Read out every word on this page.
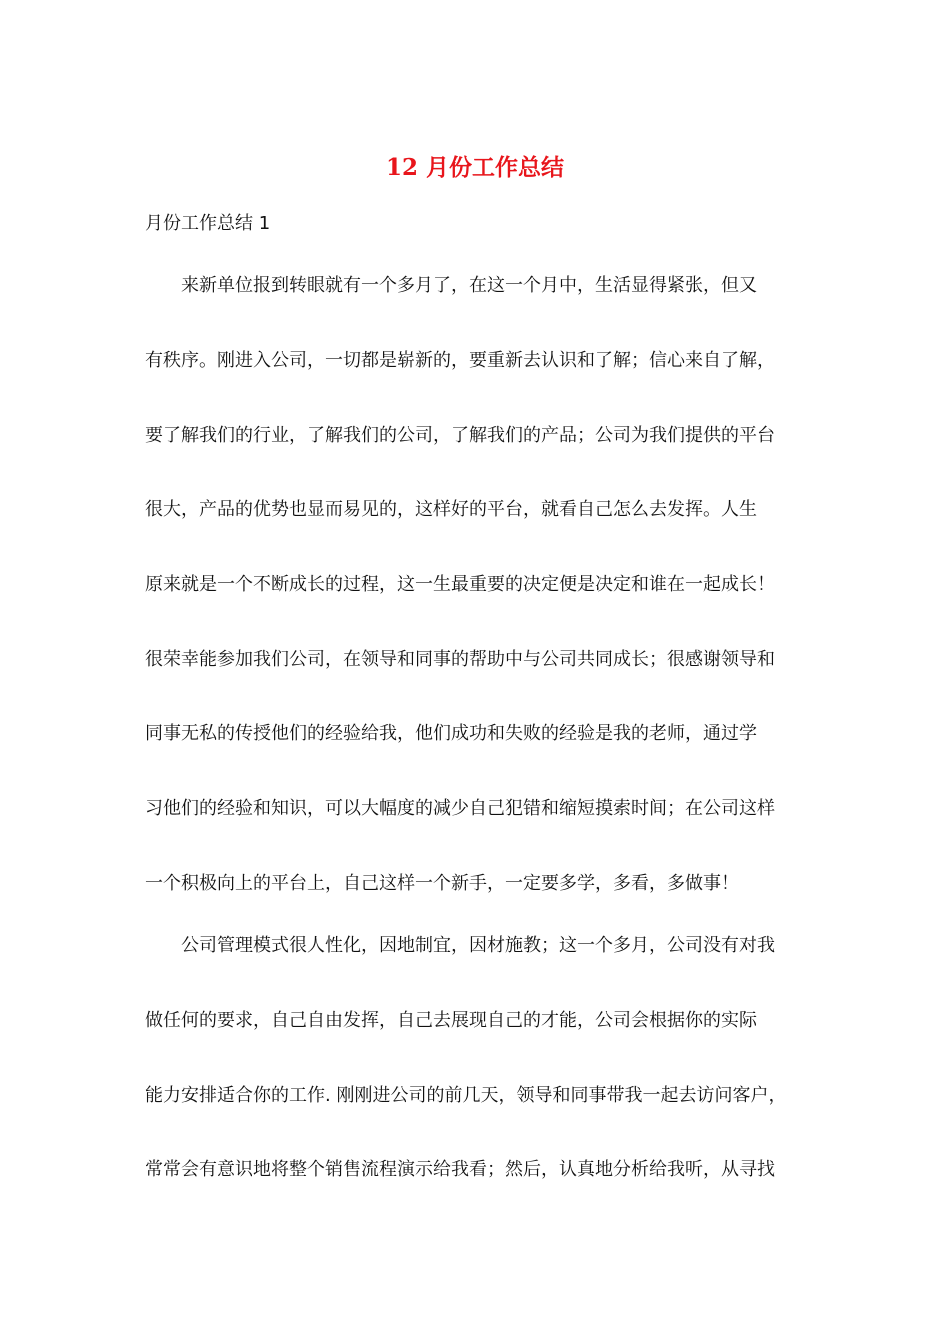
12 月份工作总结

月份工作总结 1

来新单位报到转眼就有一个多月了，在这一个月中，生活显得紧张，但又

有秩序。刚进入公司，一切都是崭新的，要重新去认识和了解；信心来自了解，

要了解我们的行业，了解我们的公司，了解我们的产品；公司为我们提供的平台

很大，产品的优势也显而易见的，这样好的平台，就看自己怎么去发挥。人生

原来就是一个不断成长的过程，这一生最重要的决定便是决定和谁在一起成长！

很荣幸能参加我们公司，在领导和同事的帮助中与公司共同成长；很感谢领导和

同事无私的传授他们的经验给我，他们成功和失败的经验是我的老师，通过学

习他们的经验和知识，可以大幅度的减少自己犯错和缩短摸索时间；在公司这样

一个积极向上的平台上，自己这样一个新手，一定要多学，多看，多做事！

公司管理模式很人性化，因地制宜，因材施教；这一个多月，公司没有对我

做任何的要求，自己自由发挥，自己去展现自己的才能，公司会根据你的实际

能力安排适合你的工作. 刚刚进公司的前几天，领导和同事带我一起去访问客户，

常常会有意识地将整个销售流程演示给我看；然后，认真地分析给我听，从寻找
